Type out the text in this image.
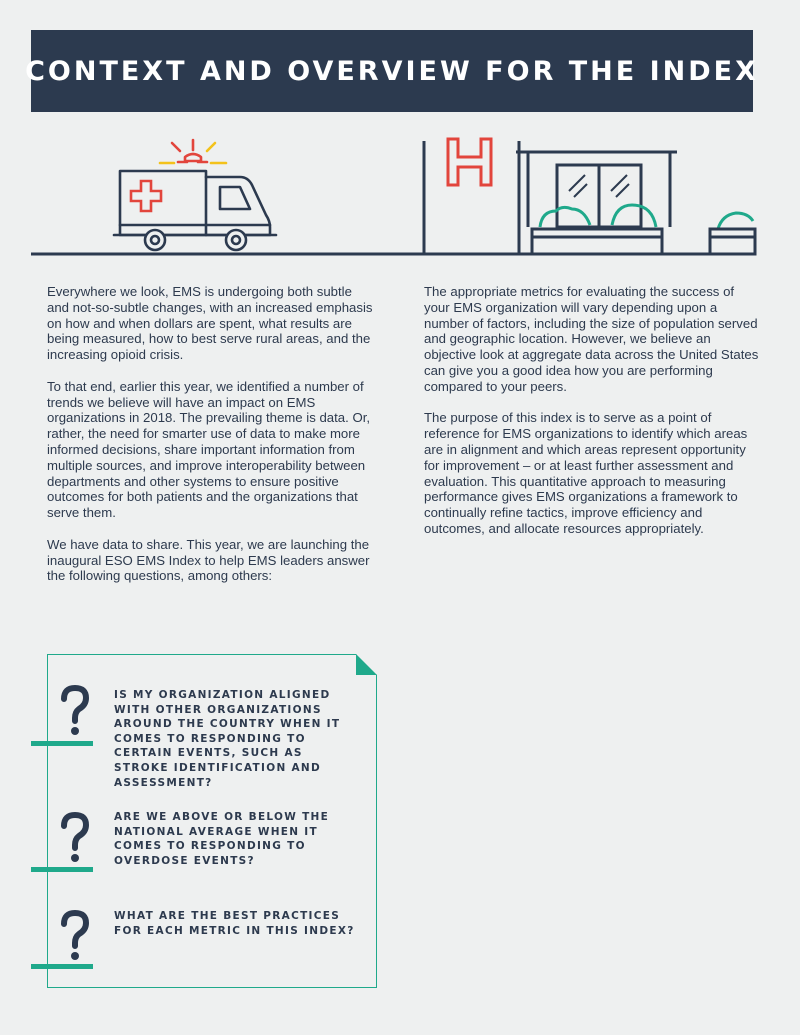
CONTEXT AND OVERVIEW FOR THE INDEX

Everywhere we look, EMS is undergoing both subtle and not-so-subtle changes, with an increased emphasis on how and when dollars are spent, what results are being measured, how to best serve rural areas, and the increasing opioid crisis.

To that end, earlier this year, we identified a number of trends we believe will have an impact on EMS organizations in 2018. The prevailing theme is data. Or, rather, the need for smarter use of data to make more informed decisions, share important information from multiple sources, and improve interoperability between departments and other systems to ensure positive outcomes for both patients and the organizations that serve them.

We have data to share. This year, we are launching the inaugural ESO EMS Index to help EMS leaders answer the following questions, among others:

The appropriate metrics for evaluating the success of your EMS organization will vary depending upon a number of factors, including the size of population served and geographic location. However, we believe an objective look at aggregate data across the United States can give you a good idea how you are performing compared to your peers.

The purpose of this index is to serve as a point of reference for EMS organizations to identify which areas are in alignment and which areas represent opportunity for improvement – or at least further assessment and evaluation. This quantitative approach to measuring performance gives EMS organizations a framework to continually refine tactics, improve efficiency and outcomes, and allocate resources appropriately.

IS MY ORGANIZATION ALIGNED WITH OTHER ORGANIZATIONS AROUND THE COUNTRY WHEN IT COMES TO RESPONDING TO CERTAIN EVENTS, SUCH AS STROKE IDENTIFICATION AND ASSESSMENT?
ARE WE ABOVE OR BELOW THE NATIONAL AVERAGE WHEN IT COMES TO RESPONDING TO OVERDOSE EVENTS?
WHAT ARE THE BEST PRACTICES FOR EACH METRIC IN THIS INDEX?
